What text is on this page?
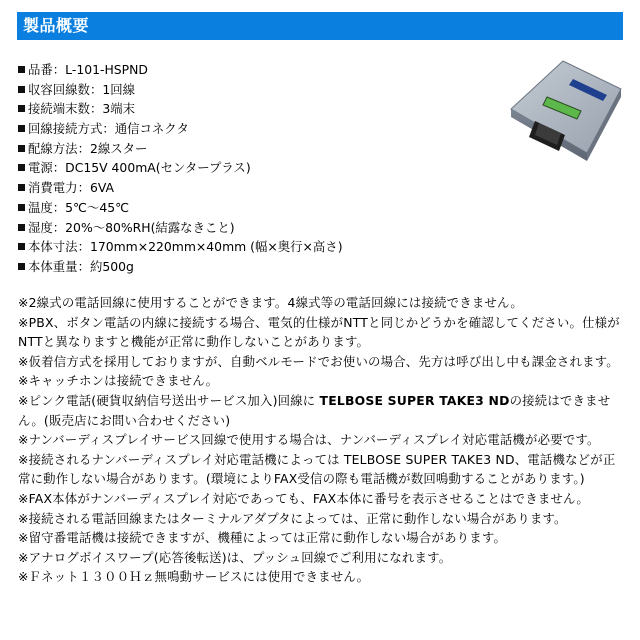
製品概要
品番：L-101-HSPND
収容回線数：1回線
接続端末数：3端末
回線接続方式：通信コネクタ
配線方法：2線スター
電源：DC15V 400mA(センタープラス)
消費電力：6VA
温度：5℃～45℃
湿度：20%～80%RH(結露なきこと)
本体寸法：170mm×220mm×40mm (幅×奥行×高さ)
本体重量：約500g
※2線式の電話回線に使用することができます。4線式等の電話回線には接続できません。
※PBX、ボタン電話の内線に接続する場合、電気的仕様がNTTと同じかどうかを確認してください。仕様がNTTと異なりますと機能が正常に動作しないことがあります。
※仮着信方式を採用しておりますが、自動ベルモードでお使いの場合、先方は呼び出し中も課金されます。
※キャッチホンは接続できません。
※ピンク電話(硬貨収納信号送出サービス加入)回線に TELBOSE SUPER TAKE3 NDの接続はできません。(販売店にお問い合わせください)
※ナンバーディスプレイサービス回線で使用する場合は、ナンバーディスプレイ対応電話機が必要です。
※接続されるナンバーディスプレイ対応電話機によっては TELBOSE SUPER TAKE3 ND、電話機などが正常に動作しない場合があります。(環境によりFAX受信の際も電話機が数回鳴動することがあります。)
※FAX本体がナンバーディスプレイ対応であっても、FAX本体に番号を表示させることはできません。
※接続される電話回線またはターミナルアダプタによっては、正常に動作しない場合があります。
※留守番電話機は接続できますが、機種によっては正常に動作しない場合があります。
※アナログボイスワープ(応答後転送)は、プッシュ回線でご利用になれます。
※Ｆネット１３００Ｈｚ無鳴動サービスには使用できません。
